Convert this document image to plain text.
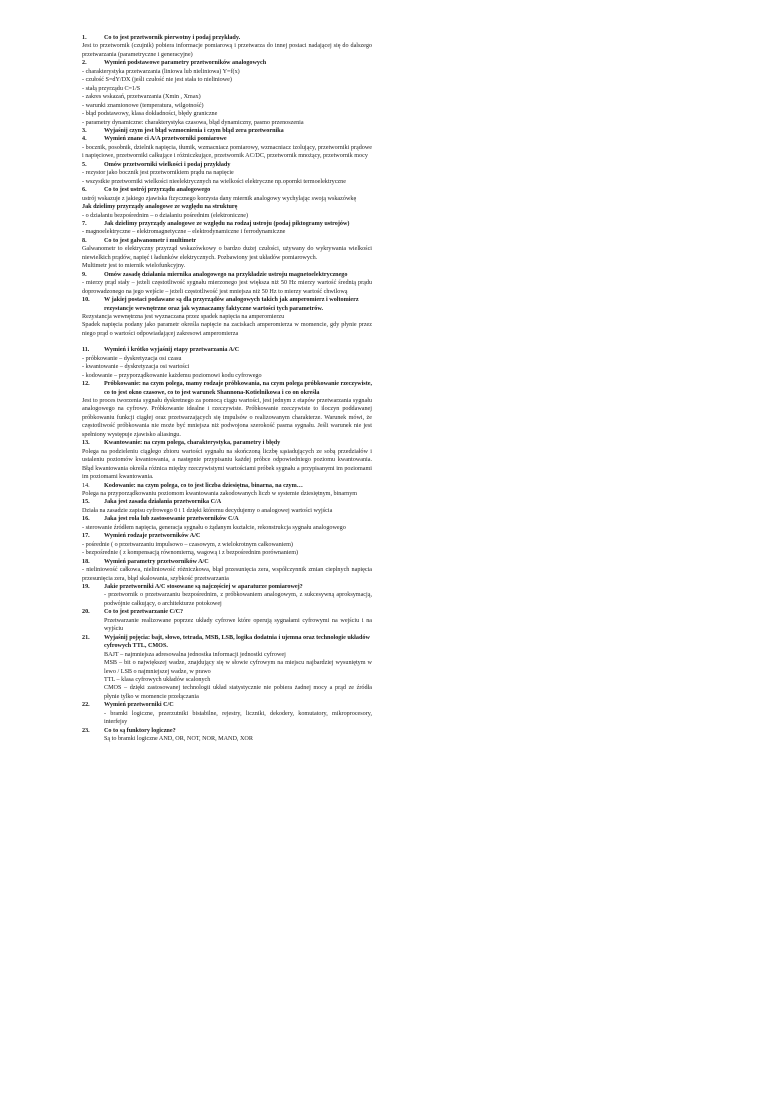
1.	Co to jest przetwornik pierwotny i podaj przykłady.
Jest to przetwornik (czujnik) pobiera informacje pomiarową i przetwarza do innej postaci nadającej się do dalszego przetwarzania (parametryczne i generacyjne)
2.	Wymień podstawowe parametry przetworników analogowych
- charakterystyka przetwarzania (liniowa lub nieliniowa) Y=f(x)
- czułość S=dY/DX (jeśli czułość nie jest stała to nieliniowe)
- stałą przyrządu C=1/S
- zakres wskazań, przetwarzania (Xmin , Xmax)
- warunki znamionowe (temperatura, wilgotność)
- błąd podstawowy, klasa dokładności, błędy graniczne
- parametry dynamiczne: charakterystyka czasowa, błąd dynamiczny, pasmo przenoszenia
3.	Wyjaśnij czym jest błąd wzmocnienia i czym błąd zera przetwornika
4.	Wymień znane ci A/A przetworniki pomiarowe
- bocznik, posobnik, dzielnik napięcia, tłumik, wzmacniacz pomiarowy, wzmacniacz izolujący, przetworniki prądowe i napięciowe, przetworniki całkujące i różniczkujące, przetwornik AC/DC, przetwornik mnożący, przetwornik mocy
5.	Omów przetworniki wielkości i podaj przykłady
- rezystor jako bocznik jest przetwornikiem prądu na napięcie
- wszystkie przetworniki wielkości nieelektrycznych na wielkości elektryczne np.opornki termoelektryczne
6.	Co to jest ustrój przyrządu analogowego
ustrój wskazuje z jakiego zjawiska fizycznego korzysta dany miernik analogowy wychylając swoją wskazówkę
Jak dzielimy przyrządy analogowe ze względu na strukturę
- o działaniu bezpośrednim – o działaniu pośrednim (elektroniczne)
7.	Jak dzielimy przyrządy analogowe ze względu na rodzaj ustroju (podaj piktogramy ustrojów)
- magnoelektryczne – elektromagnetyczne – elektrodynamiczne i ferrodynamiczne
8.	Co to jest galwanometr i multimetr
Galwanometr to elektryczny przyrząd wskazówkowy o bardzo dużej czułości, używany do wykrywania wielkości niewielkich prądów, napięć i ładunków elektrycznych. Pozbawiony jest układów pomiarowych.
Multimetr jest to miernik wielofunkcyjny.
9.	Omów zasadę działania miernika analogowego na przykładzie ustroju magnetoelektrycznego
- mierzy prąd stały – jeżeli częstotliwość sygnału mierzonego jest większa niż 50 Hz mierzy wartość średnią prądu doprowadzonego na jego wejście – jeżeli częstotliwość jest mniejsza niż 50 Hz to mierzy wartość chwilową
10.	W jakiej postaci podawane są dla przyrządów analogowych takich jak amperomierz i woltomierz rezystancje wewnętrzne oraz jak wyznaczamy faktyczne wartości tych parametrów.
Rezystancja wewnętrzna jest wyznaczana przez spadek napięcia na amperomierzu
Spadek napięcia podany jako parametr określa napięcie na zaciskach amperomierza w momencie, gdy płynie przez niego prąd o wartości odpowiadającej zakresowi amperomierza
11.	Wymień i krótko wyjaśnij etapy przetwarzania A/C
- próbkowanie – dyskretyzacja osi czasu
- kwantowanie – dyskretyzacja osi wartości
- kodowanie – przyporządkowanie każdemu poziomowi kodu cyfrowego
12.	Próbkowanie: na czym polega, mamy rodzaje próbkowania, na czym polega próbkowanie rzeczywiste, co to jest okno czasowe, co to jest warunek Shannona-Kotielnikowa i co on określa
Jest to proces tworzenia sygnału dyskretnego za pomocą ciągu wartości, jest jednym z etapów przetwarzania sygnału analogowego na cyfrowy. Próbkowanie idealne i rzeczywiste. Próbkowanie rzeczywiste to iloczyn poddawanej próbkowaniu funkcji ciągłej oraz przetwarzających się impulsów o realizowanym charakterze. Warunek mówi, że częstotliwość próbkowania nie może być mniejsza niż podwojona szerokość pasma sygnału. Jeśli warunek nie jest spełniony występuje zjawisko aliasingu.
13.	Kwantowanie: na czym polega, charakterystyka, parametry i błędy
Polega na podzieleniu ciągłego zbioru wartości sygnału na skończoną liczbę sąsiadujących ze sobą przedziałów i ustaleniu poziomów kwantowania, a następnie przypisaniu każdej próbce odpowiedniego poziomu kwantowania. Błąd kwantowania określa różnica między rzeczywistymi wartościami próbek sygnału a przypisanymi im poziomami im poziomami kwantowania.
14.	Kodowanie: na czym polega, co to jest liczba dziesiętna, binarna, na czym…
Polega na przyporządkowaniu poziomom kwantowania zakodowanych liczb w systemie dziesiętnym, binarnym
15.	Jaka jest zasada działania przetwornika C/A
Działa na zasadzie zapisu cyfrowego 0 i 1 dzięki któremu decydujemy o analogowej wartości wyjścia
16.	Jaka jest rola lub zastosowanie przetworników C/A
- sterowanie źródłem napięcia, generacja sygnału o żądanym kształcie, rekonstrukcja sygnału analogowego
17.	Wymień rodzaje przetworników A/C
- pośrednie ( o przetwarzaniu impulsowo – czasowym, z wielokrotnym całkowaniem)
- bezpośrednie ( z kompensacją równomierną, wagową i z bezpośrednim porównaniem)
18.	Wymień parametry przetworników A/C
- nieliniowość całkowa, nieliniowość różniczkowa, błąd przesunięcia zera, współczynnik zmian cieplnych napięcia przesunięcia zera, błąd skalowania, szybkość przetwarzania
19.	Jakie przetworniki A/C stosowane są najczęściej w aparaturze pomiarowej?
- przetwornik o przetwarzaniu bezpośrednim, z próbkowaniem analogowym, z sukcesywną aproksymacją, podwójnie całkujący, o architekturze potokowej
20.	Co to jest przetwarzanie C/C?
Przetwarzanie realizowane poprzez układy cyfrowe które operują sygnałami cyfrowymi na wejściu i na wyjściu
21.	Wyjaśnij pojęcia: bajt, słowo, tetrada, MSB, LSB, logika dodatnia i ujemna oraz technologie układów cyfrowych TTL, CMOS.
BAJT – najmniejsza adresowalna jednostka informacji jednostki cyfrowej
MSB – bit o największej wadze, znajdujący się w słowie cyfrowym na miejscu najbardziej wysuniętym w lewo / LSB o najmniejszej wadze, w prawo
TTL – klasa cyfrowych układów scalonych
CMOS – dzięki zastosowanej technologii układ statystycznie nie pobiera żadnej mocy a prąd ze źródła płynie tylko w momencie przełączania
22.	Wymień przetworniki C/C
- bramki logiczne, przerzutniki bistabilne, rejestry, liczniki, dekodery, komutatory, mikroprocesory, interfejsy
23.	Co to są funktory logiczne?
Są to bramki logiczne AND, OR, NOT, NOR, MAND, XOR
